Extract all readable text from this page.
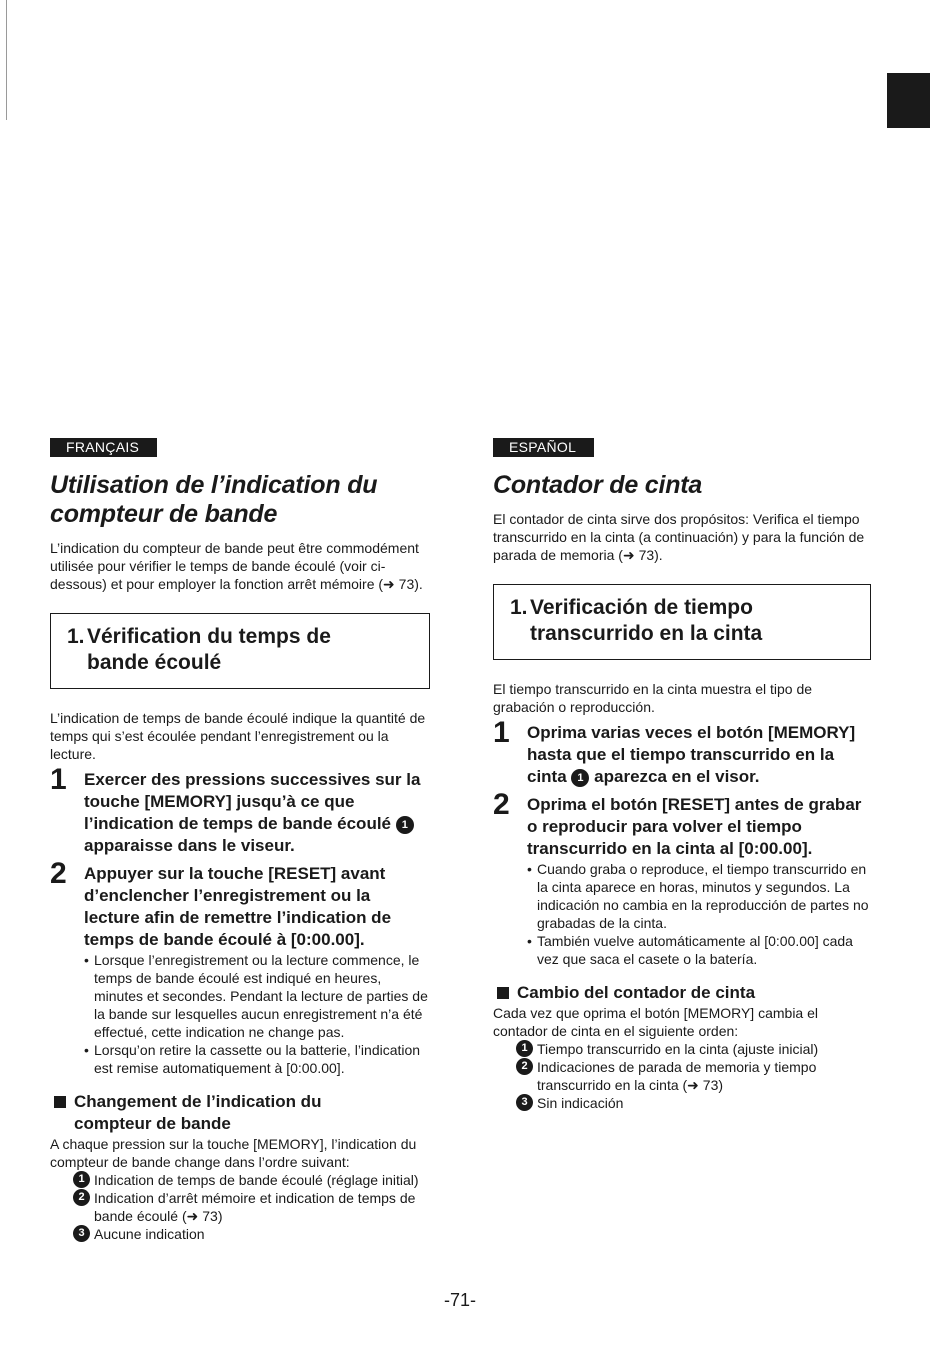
FRANÇAIS
Utilisation de l’indication du
compteur de bande

L’indication du compteur de bande peut être commodément utilisée pour vérifier le temps de bande écoulé (voir ci-dessous) et pour employer la fonction arrêt mémoire (➜ 73).

1. Vérification du temps de
bande écoulé

L’indication de temps de bande écoulé indique la quantité de temps qui s’est écoulée pendant l’enregistrement ou la lecture.

1 Exercer des pressions successives sur la touche [MEMORY] jusqu’à ce que l’indication de temps de bande écoulé 1 apparaisse dans le viseur.
2 Appuyer sur la touche [RESET] avant d’enclencher l’enregistrement ou la lecture afin de remettre l’indication de temps de bande écoulé à [0:00.00].

• Lorsque l’enregistrement ou la lecture commence, le temps de bande écoulé est indiqué en heures, minutes et secondes. Pendant la lecture de parties de la bande sur lesquelles aucun enregistrement n’a été effectué, cette indication ne change pas.

• Lorsqu’on retire la cassette ou la batterie, l’indication est remise automatiquement à [0:00.00].

Changement de l’indication du
compteur de bande

A chaque pression sur la touche [MEMORY], l’indication du compteur de bande change dans l’ordre suivant:

1 Indication de temps de bande écoulé (réglage initial)
2 Indication d’arrêt mémoire et indication de temps de bande écoulé (➜ 73)
3 Aucune indication
ESPAÑOL
Contador de cinta

El contador de cinta sirve dos propósitos: Verifica el tiempo transcurrido en la cinta (a continuación) y para la función de parada de memoria (➜ 73).

1. Verificación de tiempo
transcurrido en la cinta

El tiempo transcurrido en la cinta muestra el tipo de grabación o reproducción.

1 Oprima varias veces el botón [MEMORY] hasta que el tiempo transcurrido en la cinta 1 aparezca en el visor.
2 Oprima el botón [RESET] antes de grabar o reproducir para volver el tiempo transcurrido en la cinta al [0:00.00].

• Cuando graba o reproduce, el tiempo transcurrido en la cinta aparece en horas, minutos y segundos. La indicación no cambia en la reproducción de partes no grabadas de la cinta.

• También vuelve automáticamente al [0:00.00] cada vez que saca el casete o la batería.

Cambio del contador de cinta

Cada vez que oprima el botón [MEMORY] cambia el contador de cinta en el siguiente orden:

1 Tiempo transcurrido en la cinta (ajuste inicial)
2 Indicaciones de parada de memoria y tiempo transcurrido en la cinta (➜ 73)
3 Sin indicación
-71-
